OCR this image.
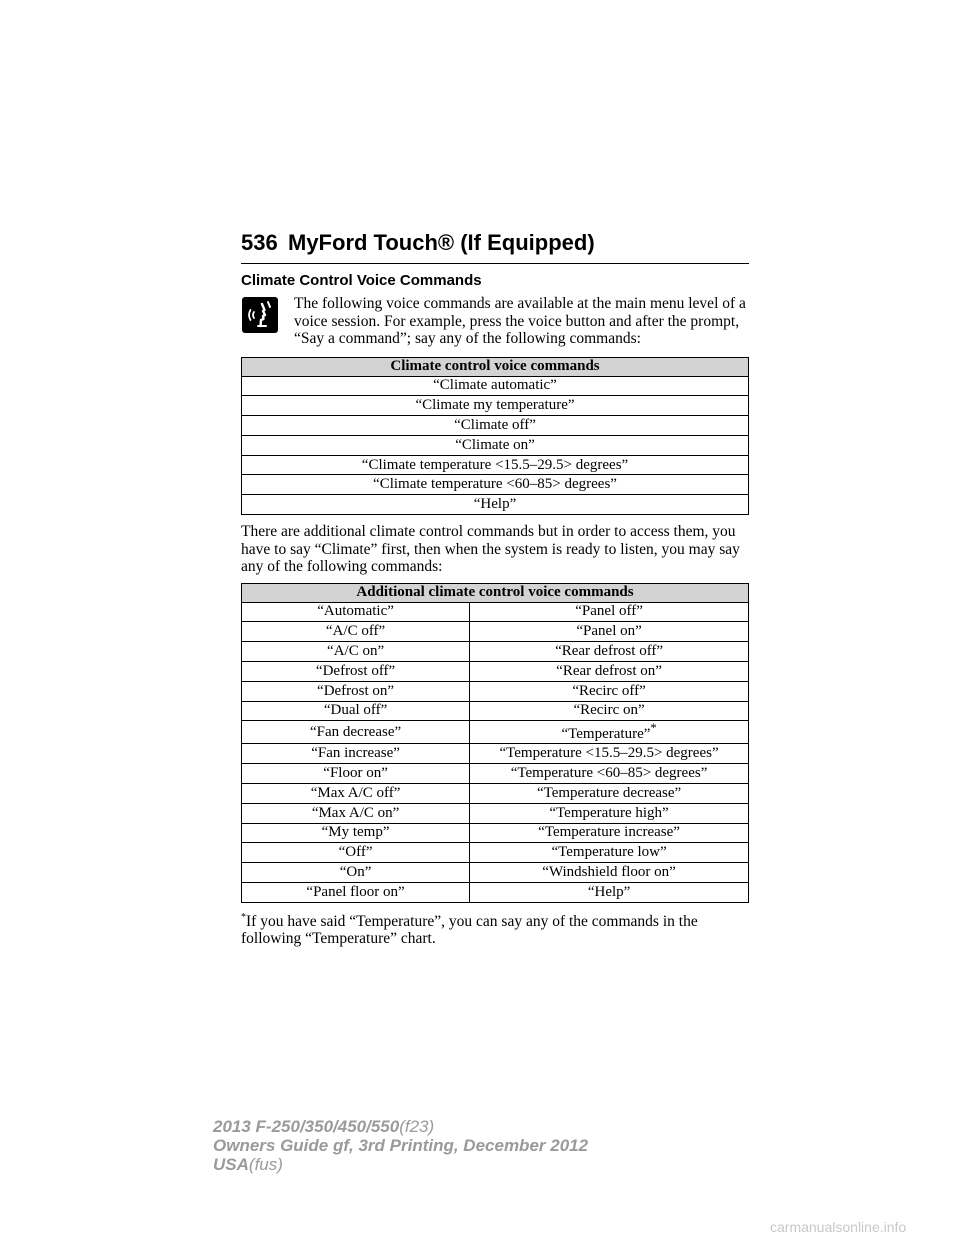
536 MyFord Touch® (If Equipped)
Climate Control Voice Commands

The following voice commands are available at the main menu level of a voice session. For example, press the voice button and after the prompt, “Say a command”; say any of the following commands:

Climate control voice commands
“Climate automatic”
“Climate my temperature”
“Climate off”
“Climate on”
“Climate temperature <15.5–29.5> degrees”
“Climate temperature <60–85> degrees”
“Help”

There are additional climate control commands but in order to access them, you have to say “Climate” first, then when the system is ready to listen, you may say any of the following commands:

Additional climate control voice commands	
“Automatic”	“Panel off”
“A/C off”	“Panel on”
“A/C on”	“Rear defrost off”
“Defrost off”	“Rear defrost on”
“Defrost on”	“Recirc off”
“Dual off”	“Recirc on”
“Fan decrease”	“Temperature”*
“Fan increase”	“Temperature <15.5–29.5> degrees”
“Floor on”	“Temperature <60–85> degrees”
“Max A/C off”	“Temperature decrease”
“Max A/C on”	“Temperature high”
“My temp”	“Temperature increase”
“Off”	“Temperature low”
“On”	“Windshield floor on”
“Panel floor on”	“Help”

*If you have said “Temperature”, you can say any of the commands in the following “Temperature” chart.

2013 F-250/350/450/550(f23)
Owners Guide gf, 3rd Printing, December 2012
USA(fus)
carmanualsonline.info
